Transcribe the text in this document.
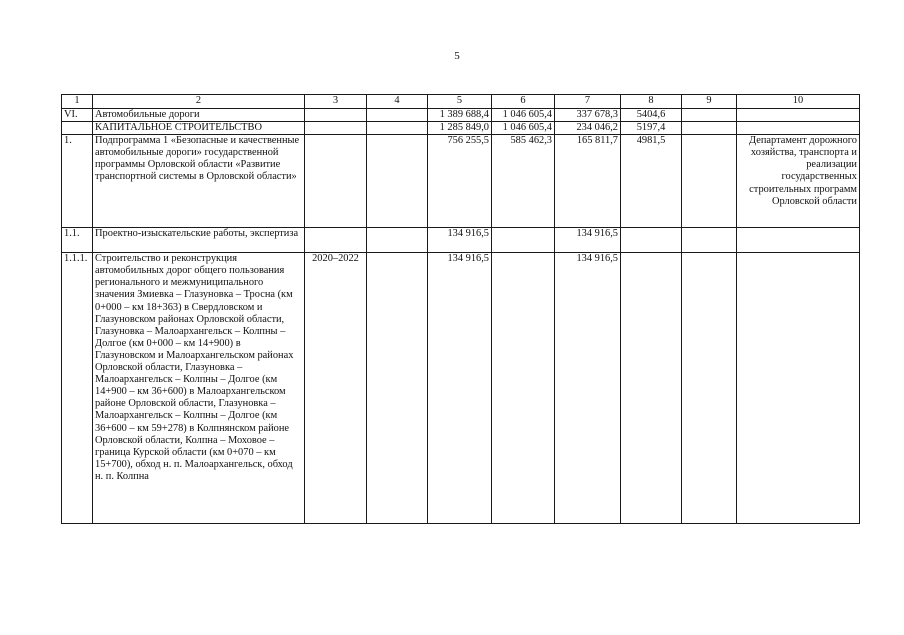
5
1	2	3	4	5	6	7	8	9	10
VI.	Автомобильные дороги			1 389 688,4	1 046 605,4	337 678,3	5404,6		
	КАПИТАЛЬНОЕ СТРОИТЕЛЬСТВО			1 285 849,0	1 046 605,4	234 046,2	5197,4		
1.	Подпрограмма 1 «Безопасные и качественные автомобильные дороги» государственной программы Орловской области «Развитие транспортной системы в Орловской области»			756 255,5	585 462,3	165 811,7	4981,5		Департамент дорожного хозяйства, транспорта и реализации государственных строительных программ Орловской области
1.1.	Проектно-изыскательские работы, экспертиза			134 916,5		134 916,5			
1.1.1.	Строительство и реконструкция автомобильных дорог общего пользования регионального и межмуниципального значения Змиевка – Глазуновка – Тросна (км 0+000 – км 18+363) в Свердловском и Глазуновском районах Орловской области, Глазуновка – Малоархангельск – Колпны – Долгое (км 0+000 – км 14+900) в Глазуновском и Малоархангельском районах Орловской области, Глазуновка – Малоархангельск – Колпны – Долгое (км 14+900 – км 36+600) в Малоархангельском районе Орловской области, Глазуновка – Малоархангельск – Колпны – Долгое (км 36+600 – км 59+278) в Колпнянском районе Орловской области, Колпна – Моховое – граница Курской области (км 0+070 – км 15+700), обход н. п. Малоархангельск, обход н. п. Колпна	2020–2022		134 916,5		134 916,5			
